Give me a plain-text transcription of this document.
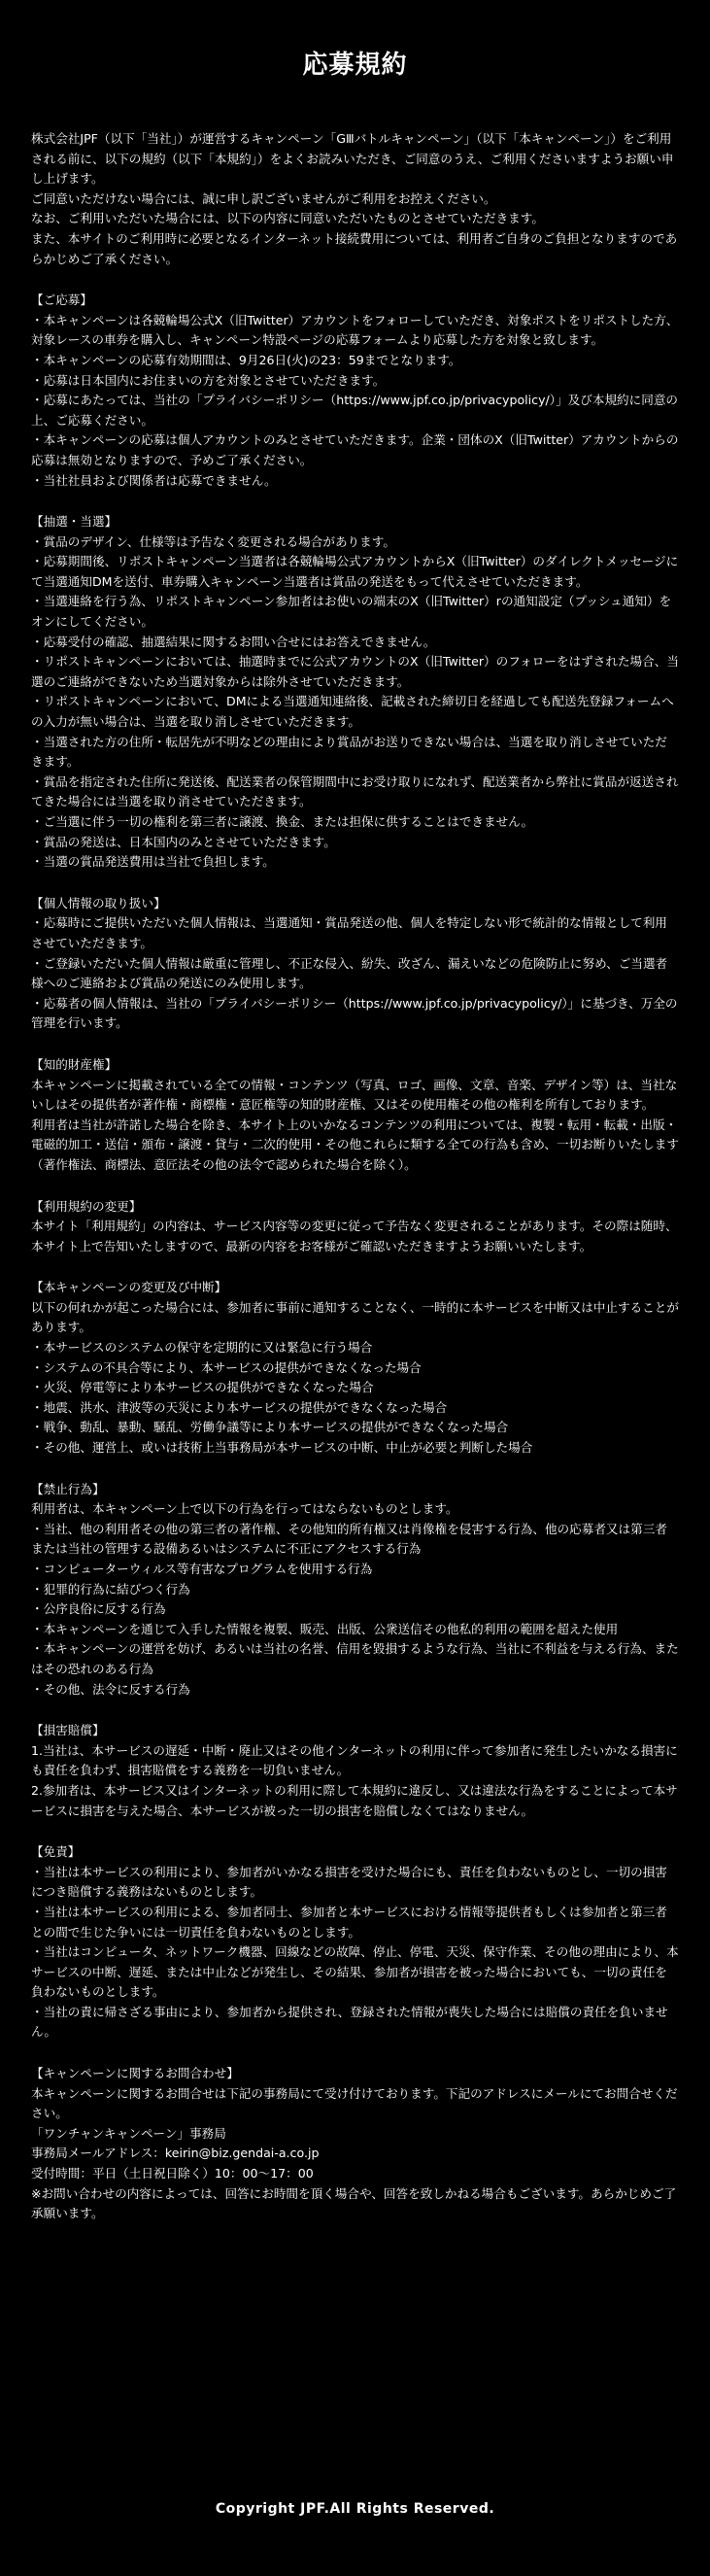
応募規約

株式会社JPF（以下「当社」）が運営するキャンペーン「GⅢバトルキャンペーン」（以下「本キャンペーン」）をご利用される前に、以下の規約（以下「本規約」）をよくお読みいただき、ご同意のうえ、ご利用くださいますようお願い申し上げます。

ご同意いただけない場合には、誠に申し訳ございませんがご利用をお控えください。

なお、ご利用いただいた場合には、以下の内容に同意いただいたものとさせていただきます。

また、本サイトのご利用時に必要となるインターネット接続費用については、利用者ご自身のご負担となりますのであらかじめご了承ください。

【ご応募】

・本キャンペーンは各競輪場公式X（旧Twitter）アカウントをフォローしていただき、対象ポストをリポストした方、対象レースの車券を購入し、キャンペーン特設ページの応募フォームより応募した方を対象と致します。

・本キャンペーンの応募有効期間は、9月26日(火)の23：59までとなります。

・応募は日本国内にお住まいの方を対象とさせていただきます。

・応募にあたっては、当社の「プライバシーポリシー（https://www.jpf.co.jp/privacypolicy/）」及び本規約に同意の上、ご応募ください。

・本キャンペーンの応募は個人アカウントのみとさせていただきます。企業・団体のX（旧Twitter）アカウントからの応募は無効となりますので、予めご了承ください。

・当社社員および関係者は応募できません。

【抽選・当選】

・賞品のデザイン、仕様等は予告なく変更される場合があります。

・応募期間後、リポストキャンペーン当選者は各競輪場公式アカウントからX（旧Twitter）のダイレクトメッセージにて当選通知DMを送付、車券購入キャンペーン当選者は賞品の発送をもって代えさせていただきます。

・当選連絡を行う為、リポストキャンペーン参加者はお使いの端末のX（旧Twitter）rの通知設定（プッシュ通知）をオンにしてください。

・応募受付の確認、抽選結果に関するお問い合せにはお答えできません。

・リポストキャンペーンにおいては、抽選時までに公式アカウントのX（旧Twitter）のフォローをはずされた場合、当選のご連絡ができないため当選対象からは除外させていただきます。

・リポストキャンペーンにおいて、DMによる当選通知連絡後、記載された締切日を経過しても配送先登録フォームへの入力が無い場合は、当選を取り消しさせていただきます。

・当選された方の住所・転居先が不明などの理由により賞品がお送りできない場合は、当選を取り消しさせていただきます。

・賞品を指定された住所に発送後、配送業者の保管期間中にお受け取りになれず、配送業者から弊社に賞品が返送されてきた場合には当選を取り消させていただきます。

・ご当選に伴う一切の権利を第三者に譲渡、換金、または担保に供することはできません。

・賞品の発送は、日本国内のみとさせていただきます。

・当選の賞品発送費用は当社で負担します。

【個人情報の取り扱い】

・応募時にご提供いただいた個人情報は、当選通知・賞品発送の他、個人を特定しない形で統計的な情報として利用させていただきます。

・ご登録いただいた個人情報は厳重に管理し、不正な侵入、紛失、改ざん、漏えいなどの危険防止に努め、ご当選者様へのご連絡および賞品の発送にのみ使用します。

・応募者の個人情報は、当社の「プライバシーポリシー（https://www.jpf.co.jp/privacypolicy/）」に基づき、万全の管理を行います。

【知的財産権】

本キャンペーンに掲載されている全ての情報・コンテンツ（写真、ロゴ、画像、文章、音楽、デザイン等）は、当社ないしはその提供者が著作権・商標権・意匠権等の知的財産権、又はその使用権その他の権利を所有しております。

利用者は当社が許諾した場合を除き、本サイト上のいかなるコンテンツの利用については、複製・転用・転載・出版・電磁的加工・送信・頒布・譲渡・貸与・二次的使用・その他これらに類する全ての行為も含め、一切お断りいたします（著作権法、商標法、意匠法その他の法令で認められた場合を除く）。

【利用規約の変更】

本サイト「利用規約」の内容は、サービス内容等の変更に従って予告なく変更されることがあります。その際は随時、本サイト上で告知いたしますので、最新の内容をお客様がご確認いただきますようお願いいたします。

【本キャンペーンの変更及び中断】

以下の何れかが起こった場合には、参加者に事前に通知することなく、一時的に本サービスを中断又は中止することがあります。

・本サービスのシステムの保守を定期的に又は緊急に行う場合

・システムの不具合等により、本サービスの提供ができなくなった場合

・火災、停電等により本サービスの提供ができなくなった場合

・地震、洪水、津波等の天災により本サービスの提供ができなくなった場合

・戦争、動乱、暴動、騒乱、労働争議等により本サービスの提供ができなくなった場合

・その他、運営上、或いは技術上当事務局が本サービスの中断、中止が必要と判断した場合

【禁止行為】

利用者は、本キャンペーン上で以下の行為を行ってはならないものとします。

・当社、他の利用者その他の第三者の著作権、その他知的所有権又は肖像権を侵害する行為、他の応募者又は第三者または当社の管理する設備あるいはシステムに不正にアクセスする行為

・コンピューターウィルス等有害なプログラムを使用する行為

・犯罪的行為に結びつく行為

・公序良俗に反する行為

・本キャンペーンを通じて入手した情報を複製、販売、出版、公衆送信その他私的利用の範囲を超えた使用

・本キャンペーンの運営を妨げ、あるいは当社の名誉、信用を毀損するような行為、当社に不利益を与える行為、またはその恐れのある行為

・その他、法令に反する行為

【損害賠償】

1.当社は、本サービスの遅延・中断・廃止又はその他インターネットの利用に伴って参加者に発生したいかなる損害にも責任を負わず、損害賠償をする義務を一切負いません。

2.参加者は、本サービス又はインターネットの利用に際して本規約に違反し、又は違法な行為をすることによって本サービスに損害を与えた場合、本サービスが被った一切の損害を賠償しなくてはなりません。

【免責】

・当社は本サービスの利用により、参加者がいかなる損害を受けた場合にも、責任を負わないものとし、一切の損害につき賠償する義務はないものとします。

・当社は本サービスの利用による、参加者同士、参加者と本サービスにおける情報等提供者もしくは参加者と第三者との間で生じた争いには一切責任を負わないものとします。

・当社はコンピュータ、ネットワーク機器、回線などの故障、停止、停電、天災、保守作業、その他の理由により、本サービスの中断、遅延、または中止などが発生し、その結果、参加者が損害を被った場合においても、一切の責任を負わないものとします。

・当社の責に帰さざる事由により、参加者から提供され、登録された情報が喪失した場合には賠償の責任を負いません。

【キャンペーンに関するお問合わせ】

本キャンペーンに関するお問合せは下記の事務局にて受け付けております。下記のアドレスにメールにてお問合せください。

「ワンチャンキャンペーン」事務局

事務局メールアドレス：keirin@biz.gendai-a.co.jp

受付時間：平日（土日祝日除く）10：00～17：00

※お問い合わせの内容によっては、回答にお時間を頂く場合や、回答を致しかねる場合もございます。あらかじめご了承願います。

Copyright JPF.All Rights Reserved.
